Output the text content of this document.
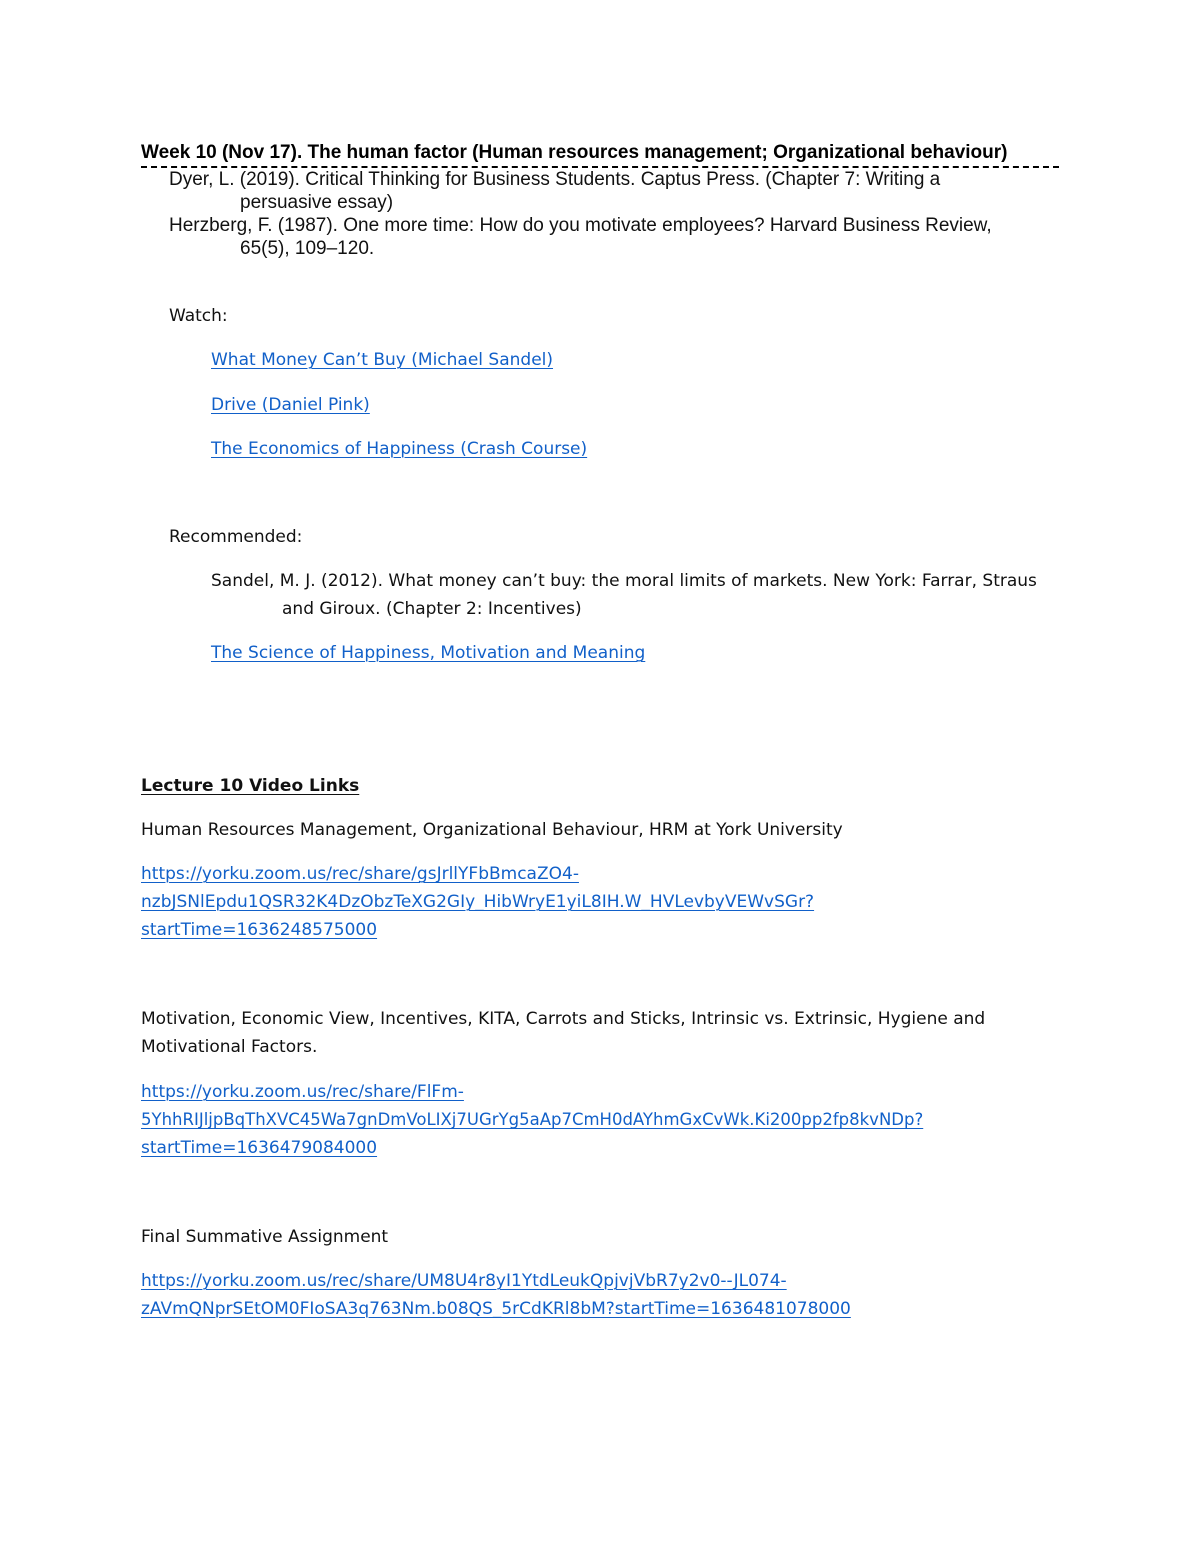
Week 10 (Nov 17). The human factor (Human resources management; Organizational behaviour)
Dyer, L. (2019). Critical Thinking for Business Students. Captus Press. (Chapter 7: Writing a
persuasive essay)
Herzberg, F. (1987). One more time: How do you motivate employees? Harvard Business Review,
65(5), 109–120.
Watch:
What Money Can’t Buy (Michael Sandel)
Drive (Daniel Pink)
The Economics of Happiness (Crash Course)
Recommended:
Sandel, M. J. (2012). What money can’t buy: the moral limits of markets. New York: Farrar, Straus
and Giroux. (Chapter 2: Incentives)
The Science of Happiness, Motivation and Meaning
Lecture 10 Video Links
Human Resources Management, Organizational Behaviour, HRM at York University
https://yorku.zoom.us/rec/share/gsJrllYFbBmcaZO4-
nzbJSNlEpdu1QSR32K4DzObzTeXG2GIy_HibWryE1yiL8IH.W_HVLevbyVEWvSGr?
startTime=1636248575000
Motivation, Economic View, Incentives, KITA, Carrots and Sticks, Intrinsic vs. Extrinsic, Hygiene and
Motivational Factors.
https://yorku.zoom.us/rec/share/FlFm-
5YhhRIJljpBqThXVC45Wa7gnDmVoLIXj7UGrYg5aAp7CmH0dAYhmGxCvWk.Ki200pp2fp8kvNDp?
startTime=1636479084000
Final Summative Assignment
https://yorku.zoom.us/rec/share/UM8U4r8yI1YtdLeukQpjvjVbR7y2v0--JL074-
zAVmQNprSEtOM0FIoSA3q763Nm.b08QS_5rCdKRl8bM?startTime=1636481078000
